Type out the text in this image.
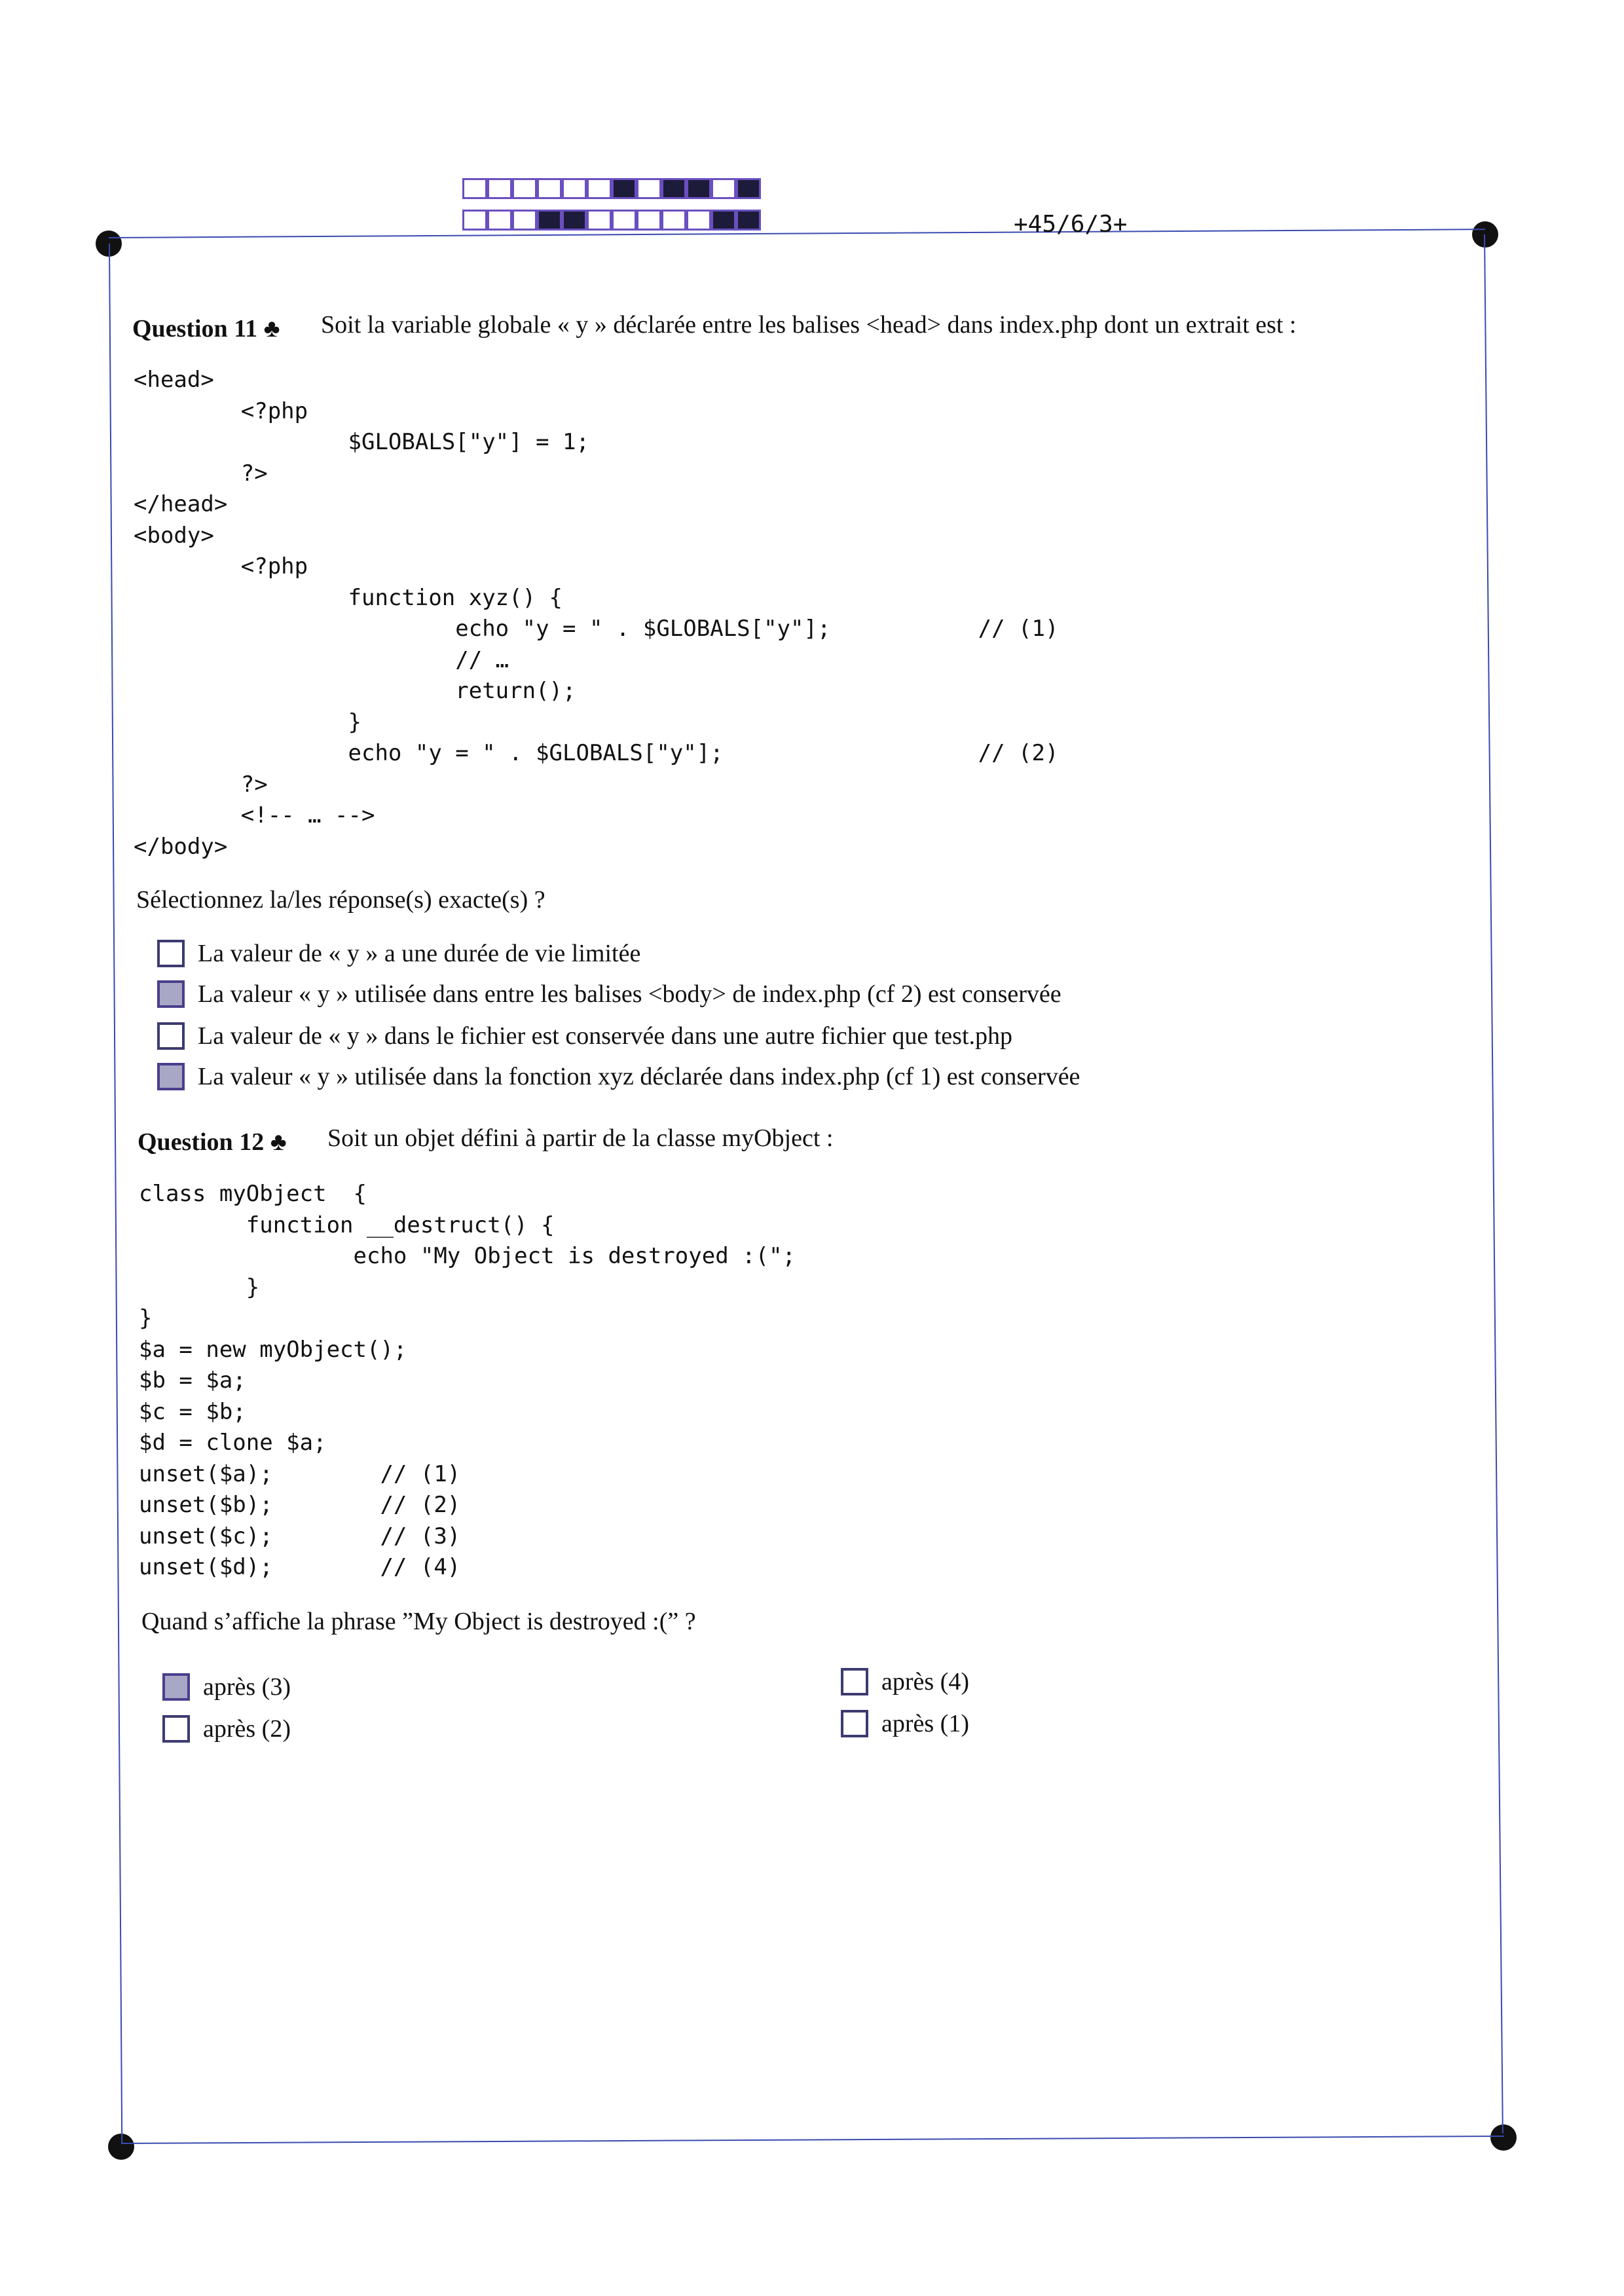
+45/6/3+
Question 11 ♣ Soit la variable globale « y » déclarée entre les balises <head> dans index.php dont un extrait est :
<head>
<?php
$GLOBALS["y"] = 1;
?>
</head>
<body>
<?php
function xyz() {
echo "y = " . $GLOBALS["y"];           // (1)
// …
return();
}
echo "y = " . $GLOBALS["y"];                   // (2)
?>
<!-- … -->
</body>
Sélectionnez la/les réponse(s) exacte(s) ?
La valeur de « y » a une durée de vie limitée
La valeur « y » utilisée dans entre les balises <body> de index.php (cf 2) est conservée
La valeur de « y » dans le fichier est conservée dans une autre fichier que test.php
La valeur « y » utilisée dans la fonction xyz déclarée dans index.php (cf 1) est conservée
Question 12 ♣ Soit un objet défini à partir de la classe myObject :
class myObject  {
function __destruct() {
echo "My Object is destroyed :(";
}
}
$a = new myObject();
$b = $a;
$c = $b;
$d = clone $a;
unset($a);        // (1)
unset($b);        // (2)
unset($c);        // (3)
unset($d);        // (4)
Quand s’affiche la phrase ”My Object is destroyed :(” ?
après (3)
après (2)
après (4)
après (1)
